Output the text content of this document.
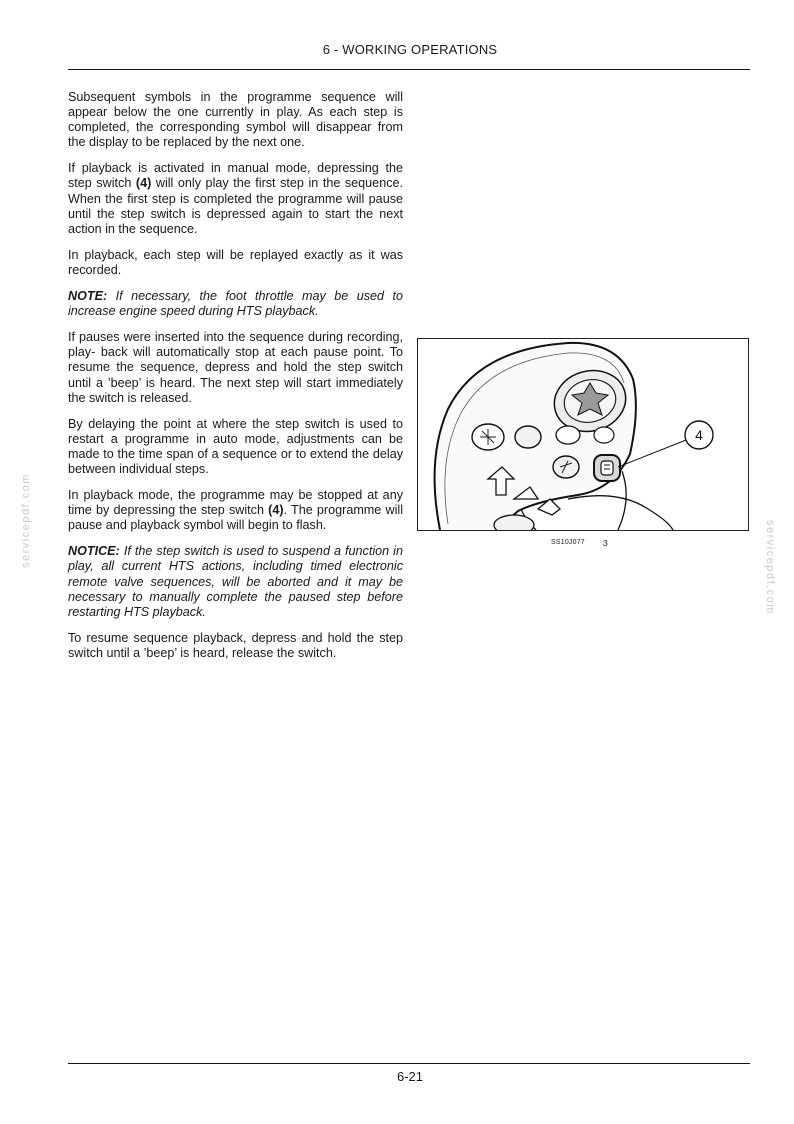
6 - WORKING OPERATIONS

Subsequent symbols in the programme sequence will appear below the one currently in play. As each step is completed, the corresponding symbol will disappear from the display to be replaced by the next one.

If playback is activated in manual mode, depressing the step switch (4) will only play the first step in the sequence. When the first step is completed the programme will pause until the step switch is depressed again to start the next action in the sequence.

In playback, each step will be replayed exactly as it was recorded.

NOTE: If necessary, the foot throttle may be used to increase engine speed during HTS playback.

If pauses were inserted into the sequence during recording, play- back will automatically stop at each pause point. To resume the sequence, depress and hold the step switch until a ’beep’ is heard. The next step will start immediately the switch is released.

By delaying the point at where the step switch is used to restart a programme in auto mode, adjustments can be made to the time span of a sequence or to extend the delay between individual steps.

In playback mode, the programme may be stopped at any time by depressing the step switch (4). The programme will pause and playback symbol will begin to flash.

NOTICE: If the step switch is used to suspend a function in play, all current HTS actions, including timed electronic remote valve sequences, will be aborted and it may be necessary to manually complete the paused step before restarting HTS playback.

To resume sequence playback, depress and hold the step switch until a ’beep’ is heard, release the switch.

4
SS10J077 3
servicepdf.com	servicepdf.com
6-21
